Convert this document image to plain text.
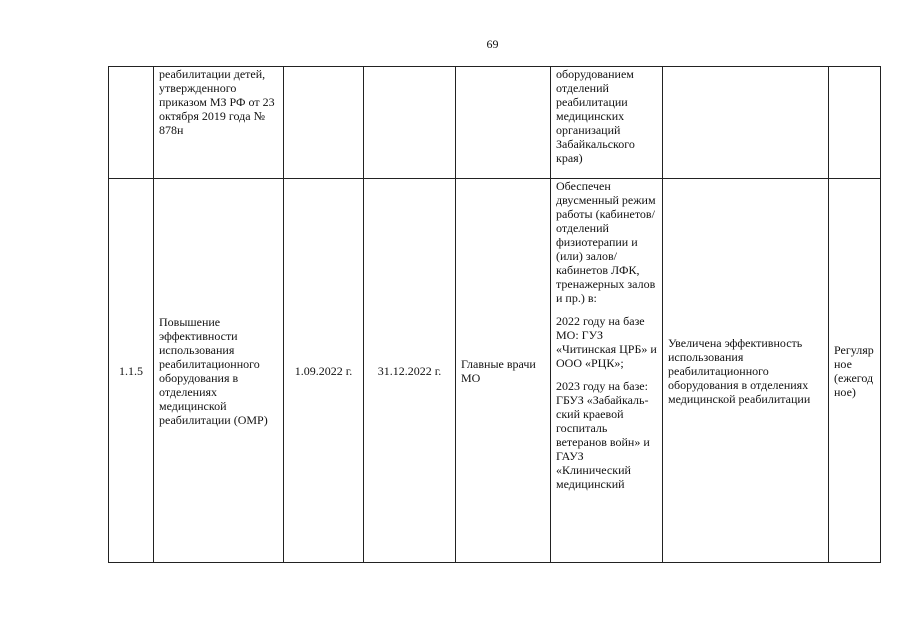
69
	реабилитации детей, утвержденного приказом МЗ РФ от 23 октября 2019 года № 878н				оборудованием отделений реабилитации медицинских организаций Забайкальского края)		
1.1.5	Повышение эффективности использования реабилитационного оборудования в отделениях медицинской реабилитации (ОМР)	1.09.2022 г.	31.12.2022 г.	Главные врачи МО	Обеспечен двусменный режим работы (кабинетов/ отделений физиотерапии и (или) залов/ кабинетов ЛФК, тренажерных залов и пр.) в:

2022 году на базе МО: ГУЗ «Читинская ЦРБ» и ООО «РЦК»;

2023 году на базе: ГБУЗ «Забайкаль-ский краевой госпиталь ветеранов войн» и ГАУЗ «Клинический медицинский	Увеличена эффективность использования реабилитационного оборудования в отделениях медицинской реабилитации	Регулярное (ежегодное)
